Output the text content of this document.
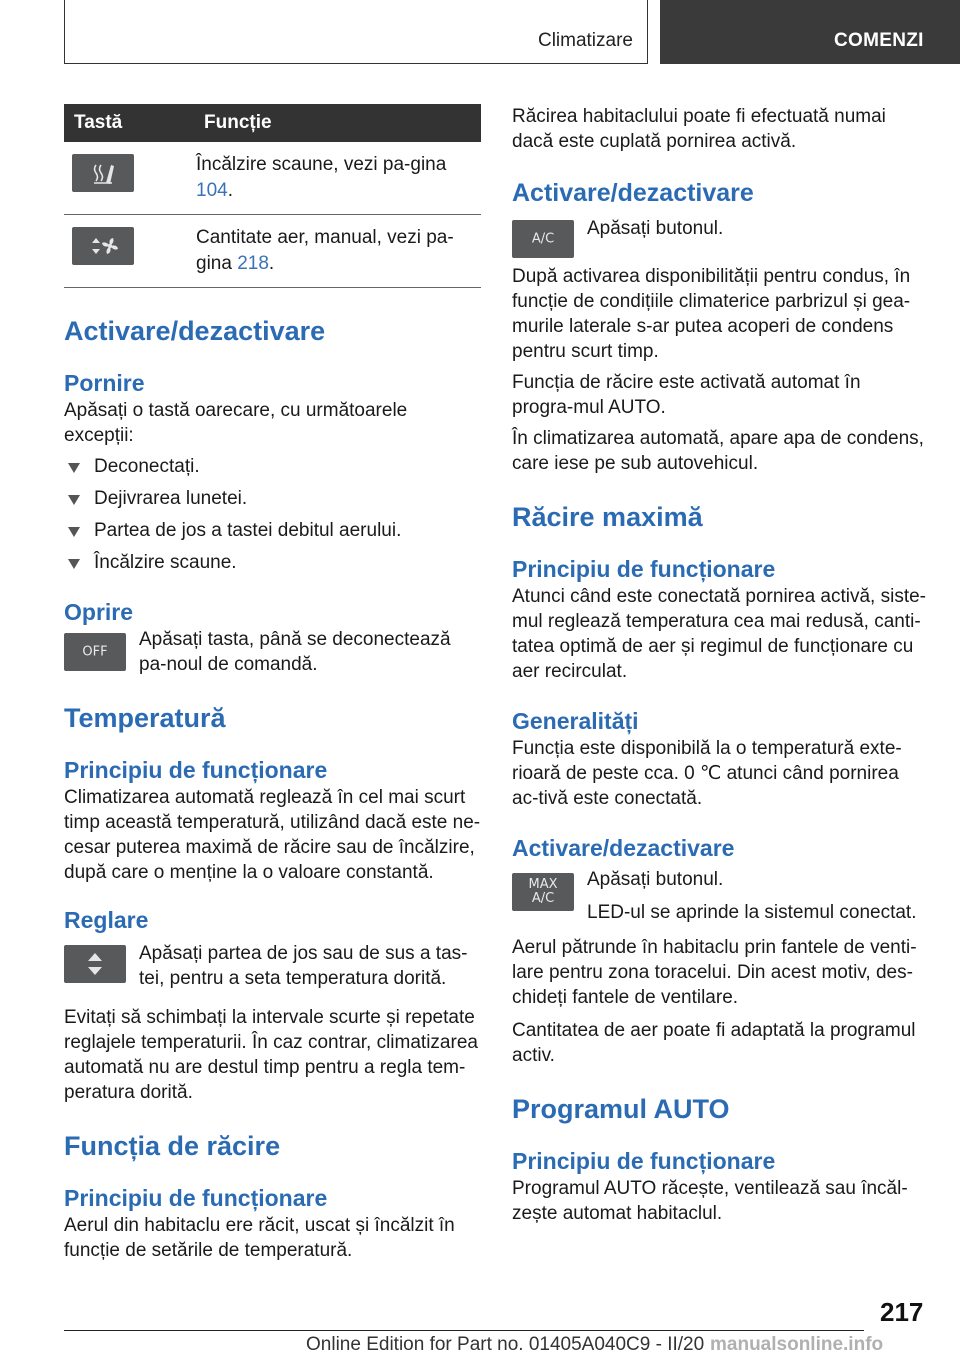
Climatizare	COMENZI
Tastă	Funcție

	Încălzire scaune, vezi pa-gina 104.

	Cantitate aer, manual, vezi pa-gina 218.
Activare/dezactivare
Pornire

Apăsați o tastă oarecare, cu următoarele excepții:

Deconectați.
Dejivrarea lunetei.
Partea de jos a tastei debitul aerului.
Încălzire scaune.
Oprire
OFF

Apăsați tasta, până se deconectează pa-noul de comandă.

Temperatură
Principiu de funcționare

Climatizarea automată reglează în cel mai scurt timp această temperatură, utilizând dacă este ne-cesar puterea maximă de răcire sau de încălzire, după care o menține la o valoare constantă.

Reglare

Apăsați partea de jos sau de sus a tas-tei, pentru a seta temperatura dorită.

Evitați să schimbați la intervale scurte și repetate reglajele temperaturii. În caz contrar, climatizarea automată nu are destul timp pentru a regla tem-peratura dorită.

Funcția de răcire
Principiu de funcționare

Aerul din habitaclu ere răcit, uscat și încălzit în funcție de setările de temperatură.

Răcirea habitaclului poate fi efectuată numai dacă este cuplată pornirea activă.

Activare/dezactivare
A/C	Apăsați butonul.

După activarea disponibilității pentru condus, în funcție de condițiile climaterice parbrizul și gea-murile laterale s-ar putea acoperi de condens pentru scurt timp.

Funcția de răcire este activată automat în progra-mul AUTO.

În climatizarea automată, apare apa de condens, care iese pe sub autovehicul.

Răcire maximă
Principiu de funcționare

Atunci când este conectată pornirea activă, siste-mul reglează temperatura cea mai redusă, canti-tatea optimă de aer și regimul de funcționare cu aer recirculat.

Generalități

Funcția este disponibilă la o temperatură exte-rioară de peste cca. 0 ℃ atunci când pornirea ac-tivă este conectată.

Activare/dezactivare
MAX
A/C

Apăsați butonul.

LED-ul se aprinde la sistemul conectat.

Aerul pătrunde în habitaclu prin fantele de venti-lare pentru zona toracelui. Din acest motiv, des-chideți fantele de ventilare.

Cantitatea de aer poate fi adaptată la programul activ.

Programul AUTO
Principiu de funcționare

Programul AUTO răcește, ventilează sau încăl-zește automat habitaclul.

217
Online Edition for Part no. 01405A040C9 - II/20 manualsonline.info
